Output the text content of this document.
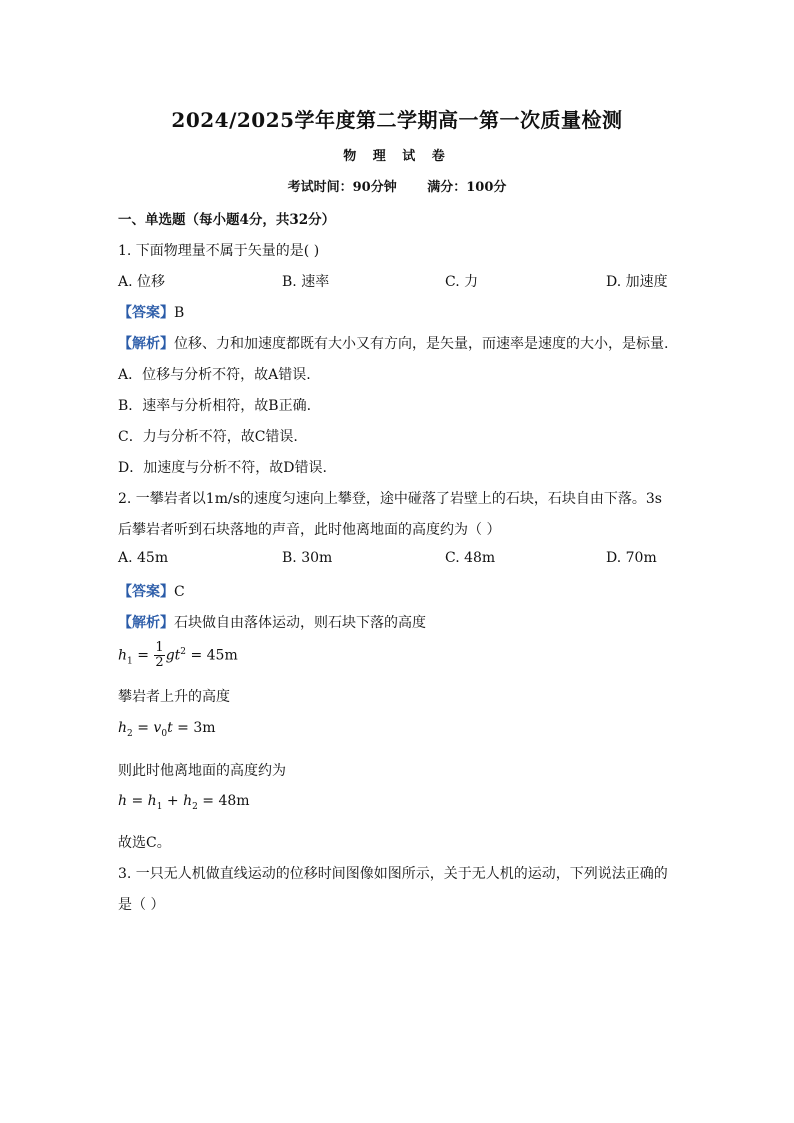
2024/2025学年度第二学期高一第一次质量检测
物 理 试 卷
考试时间：90分钟 满分：100分
一、单选题（每小题4分，共32分）
1. 下面物理量不属于矢量的是( )
A. 位移	B. 速率	C. 力	D. 加速度
【答案】B
【解析】位移、力和加速度都既有大小又有方向，是矢量，而速率是速度的大小，是标量.
A．位移与分析不符，故A错误.
B．速率与分析相符，故B正确.
C．力与分析不符，故C错误.
D．加速度与分析不符，故D错误.
2. 一攀岩者以1m/s的速度匀速向上攀登，途中碰落了岩壁上的石块，石块自由下落。3s
后攀岩者听到石块落地的声音，此时他离地面的高度约为（ ）
A. 45m	B. 30m	C. 48m	D. 70m
【答案】C
【解析】石块做自由落体运动，则石块下落的高度
$h_1 = \frac{1}{2} gt^2 = 45m$
攀岩者上升的高度
$h_2 = v_0t = 3m$
则此时他离地面的高度约为
$h = h_1 + h_2 = 48m$
故选C。
3. 一只无人机做直线运动的位移时间图像如图所示，关于无人机的运动，下列说法正确的
是（ ）
